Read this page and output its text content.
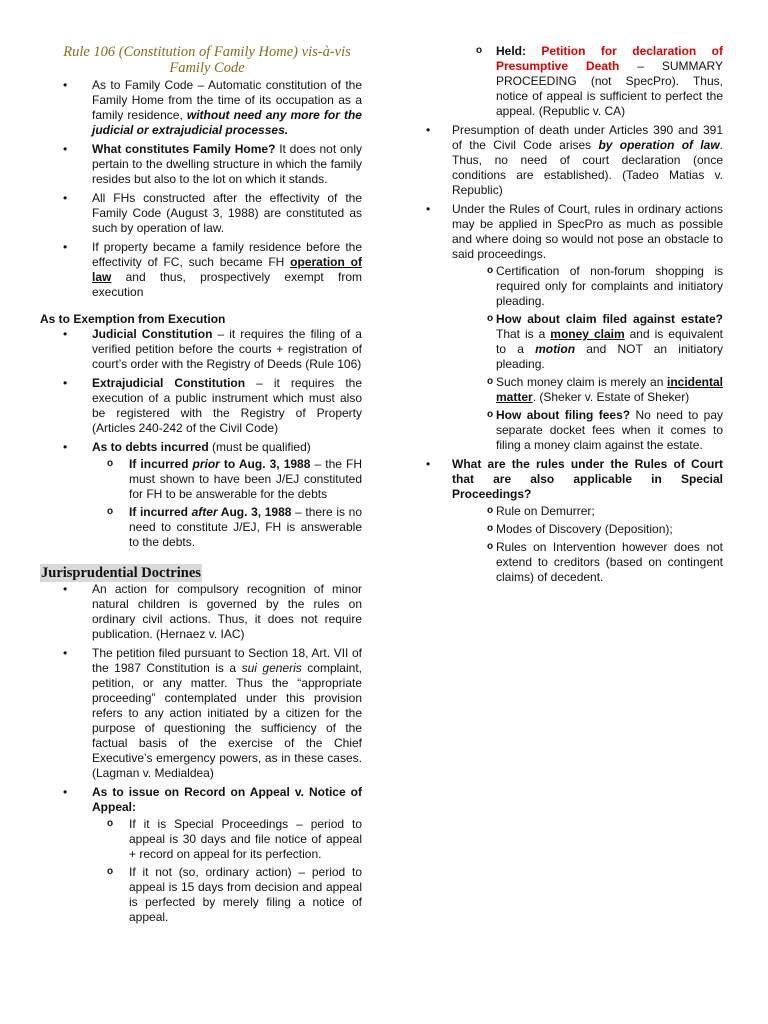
Rule 106 (Constitution of Family Home) vis-à-vis Family Code
• As to Family Code – Automatic constitution of the Family Home from the time of its occupation as a family residence, without need any more for the judicial or extrajudicial processes.
• What constitutes Family Home? It does not only pertain to the dwelling structure in which the family resides but also to the lot on which it stands.
• All FHs constructed after the effectivity of the Family Code (August 3, 1988) are constituted as such by operation of law.
• If property became a family residence before the effectivity of FC, such became FH operation of law and thus, prospectively exempt from execution
As to Exemption from Execution
• Judicial Constitution – it requires the filing of a verified petition before the courts + registration of court’s order with the Registry of Deeds (Rule 106)
• Extrajudicial Constitution – it requires the execution of a public instrument which must also be registered with the Registry of Property (Articles 240-242 of the Civil Code)
• As to debts incurred (must be qualified)
o If incurred prior to Aug. 3, 1988 – the FH must shown to have been J/EJ constituted for FH to be answerable for the debts
o If incurred after Aug. 3, 1988 – there is no need to constitute J/EJ, FH is answerable to the debts.
Jurisprudential Doctrines
• An action for compulsory recognition of minor natural children is governed by the rules on ordinary civil actions. Thus, it does not require publication. (Hernaez v. IAC)
• The petition filed pursuant to Section 18, Art. VII of the 1987 Constitution is a sui generis complaint, petition, or any matter. Thus the “appropriate proceeding” contemplated under this provision refers to any action initiated by a citizen for the purpose of questioning the sufficiency of the factual basis of the exercise of the Chief Executive’s emergency powers, as in these cases. (Lagman v. Medialdea)
• As to issue on Record on Appeal v. Notice of Appeal:
o If it is Special Proceedings – period to appeal is 30 days and file notice of appeal + record on appeal for its perfection.
o If it not (so, ordinary action) – period to appeal is 15 days from decision and appeal is perfected by merely filing a notice of appeal.
o Held: Petition for declaration of Presumptive Death – SUMMARY PROCEEDING (not SpecPro). Thus, notice of appeal is sufficient to perfect the appeal. (Republic v. CA)
• Presumption of death under Articles 390 and 391 of the Civil Code arises by operation of law. Thus, no need of court declaration (once conditions are established). (Tadeo Matias v. Republic)
• Under the Rules of Court, rules in ordinary actions may be applied in SpecPro as much as possible and where doing so would not pose an obstacle to said proceedings.
o Certification of non-forum shopping is required only for complaints and initiatory pleading.
o How about claim filed against estate? That is a money claim and is equivalent to a motion and NOT an initiatory pleading.
o Such money claim is merely an incidental matter. (Sheker v. Estate of Sheker)
o How about filing fees? No need to pay separate docket fees when it comes to filing a money claim against the estate.
• What are the rules under the Rules of Court that are also applicable in Special Proceedings?
o Rule on Demurrer;
o Modes of Discovery (Deposition);
o Rules on Intervention however does not extend to creditors (based on contingent claims) of decedent.
